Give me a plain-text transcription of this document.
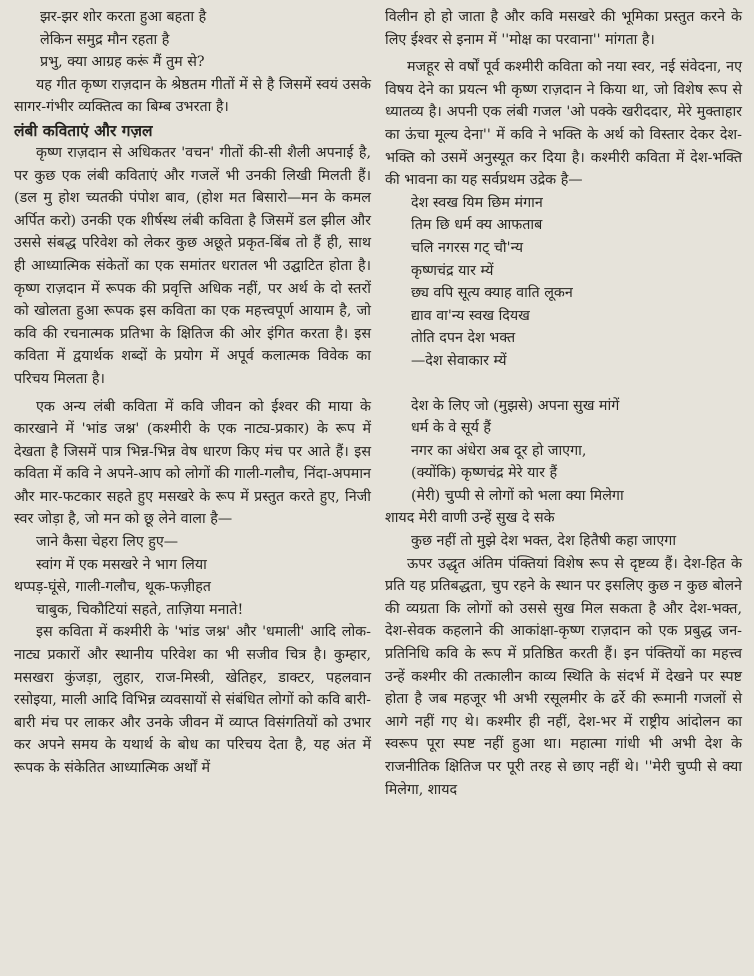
झर-झर शोर करता हुआ बहता है
लेकिन समुद्र मौन रहता है
प्रभु, क्या आग्रह करूं मैं तुम से?

यह गीत कृष्ण राज़दान के श्रेष्ठतम गीतों में से है जिसमें स्वयं उसके सागर-गंभीर व्यक्तित्व का बिम्ब उभरता है।

लंबी कविताएं और गज़ल

कृष्ण राज़दान से अधिकतर 'वचन' गीतों की-सी शैली अपनाई है, पर कुछ एक लंबी कविताएं और गजलें भी उनकी लिखी मिलती हैं। (डल मु होश च्यतकी पंपोश बाव, (होश मत बिसारो—मन के कमल अर्पित करो) उनकी एक शीर्षस्थ लंबी कविता है जिसमें डल झील और उससे संबद्ध परिवेश को लेकर कुछ अछूते प्रकृत-बिंब तो हैं ही, साथ ही आध्यात्मिक संकेतों का एक समांतर धरातल भी उद्घाटित होता है। कृष्ण राज़दान में रूपक की प्रवृत्ति अधिक नहीं, पर अर्थ के दो स्तरों को खोलता हुआ रूपक इस कविता का एक महत्त्वपूर्ण आयाम है, जो कवि की रचनात्मक प्रतिभा के क्षितिज की ओर इंगित करता है। इस कविता में द्वयार्थक शब्दों के प्रयोग में अपूर्व कलात्मक विवेक का परिचय मिलता है।

एक अन्य लंबी कविता में कवि जीवन को ईश्वर की माया के कारखाने में 'भांड जश्न' (कश्मीरी के एक नाट्य-प्रकार) के रूप में देखता है जिसमें पात्र भिन्न-भिन्न वेष धारण किए मंच पर आते हैं। इस कविता में कवि ने अपने-आप को लोगों की गाली-गलौच, निंदा-अपमान और मार-फटकार सहते हुए मसखरे के रूप में प्रस्तुत करते हुए, निजी स्वर जोड़ा है, जो मन को छू लेने वाला है—

जाने कैसा चेहरा लिए हुए—
स्वांग में एक मसखरे ने भाग लिया
थप्पड़-घूंसे, गाली-गलौच, थूक-फज़ीहत
चाबुक, चिकौटियां सहते, ताज़िया मनाते!

इस कविता में कश्मीरी के 'भांड जश्न' और 'धमाली' आदि लोक-नाट्य प्रकारों और स्थानीय परिवेश का भी सजीव चित्र है। कुम्हार, मसखरा कुंजड़ा, लुहार, राज-मिस्त्री, खेतिहर, डाक्टर, पहलवान रसोइया, माली आदि विभिन्न व्यवसायों से संबंधित लोगों को कवि बारी-बारी मंच पर लाकर और उनके जीवन में व्याप्त विसंगतियों को उभार कर अपने समय के यथार्थ के बोध का परिचय देता है, यह अंत में रूपक के संकेतित आध्यात्मिक अर्थों में

विलीन हो हो जाता है और कवि मसखरे की भूमिका प्रस्तुत करने के लिए ईश्वर से इनाम में ''मोक्ष का परवाना'' मांगता है।

मजहूर से वर्षों पूर्व कश्मीरी कविता को नया स्वर, नई संवेदना, नए विषय देने का प्रयत्न भी कृष्ण राज़दान ने किया था, जो विशेष रूप से ध्यातव्य है। अपनी एक लंबी गजल 'ओ पक्के खरीददार, मेरे मुक्ताहार का ऊंचा मूल्य देना'' में कवि ने भक्ति के अर्थ को विस्तार देकर देश-भक्ति को उसमें अनुस्यूत कर दिया है। कश्मीरी कविता में देश-भक्ति की भावना का यह सर्वप्रथम उद्रेक है—

देश स्वख यिम छिम मंगान
तिम छि धर्म क्य आफताब
चलि नगरस गट् चौ'न्य
कृष्णचंद्र यार म्यें
छ्य वपि सूत्य क्याह वाति लूकन
द्याव वा'न्य स्वख दियख
तोति दपन देश भक्त
—देश सेवाकार म्यें
देश के लिए जो (मुझसे) अपना सुख मांगें
धर्म के वे सूर्य हैं
नगर का अंधेरा अब दूर हो जाएगा,
(क्योंकि) कृष्णचंद्र मेरे यार हैं
(मेरी) चुप्पी से लोगों को भला क्या मिलेगा
शायद मेरी वाणी उन्हें सुख दे सके
कुछ नहीं तो मुझे देश भक्त, देश हितैषी कहा जाएगा

ऊपर उद्धृत अंतिम पंक्तियां विशेष रूप से दृष्टव्य हैं। देश-हित के प्रति यह प्रतिबद्धता, चुप रहने के स्थान पर इसलिए कुछ न कुछ बोलने की व्यग्रता कि लोगों को उससे सुख मिल सकता है और देश-भक्त, देश-सेवक कहलाने की आकांक्षा-कृष्ण राज़दान को एक प्रबुद्ध जन-प्रतिनिधि कवि के रूप में प्रतिष्ठित करती हैं। इन पंक्तियों का महत्त्व उन्हें कश्मीर की तत्कालीन काव्य स्थिति के संदर्भ में देखने पर स्पष्ट होता है जब महजूर भी अभी रसूलमीर के ढर्रे की रूमानी गजलों से आगे नहीं गए थे। कश्मीर ही नहीं, देश-भर में राष्ट्रीय आंदोलन का स्वरूप पूरा स्पष्ट नहीं हुआ था। महात्मा गांधी भी अभी देश के राजनीतिक क्षितिज पर पूरी तरह से छाए नहीं थे। ''मेरी चुप्पी से क्या मिलेगा, शायद
